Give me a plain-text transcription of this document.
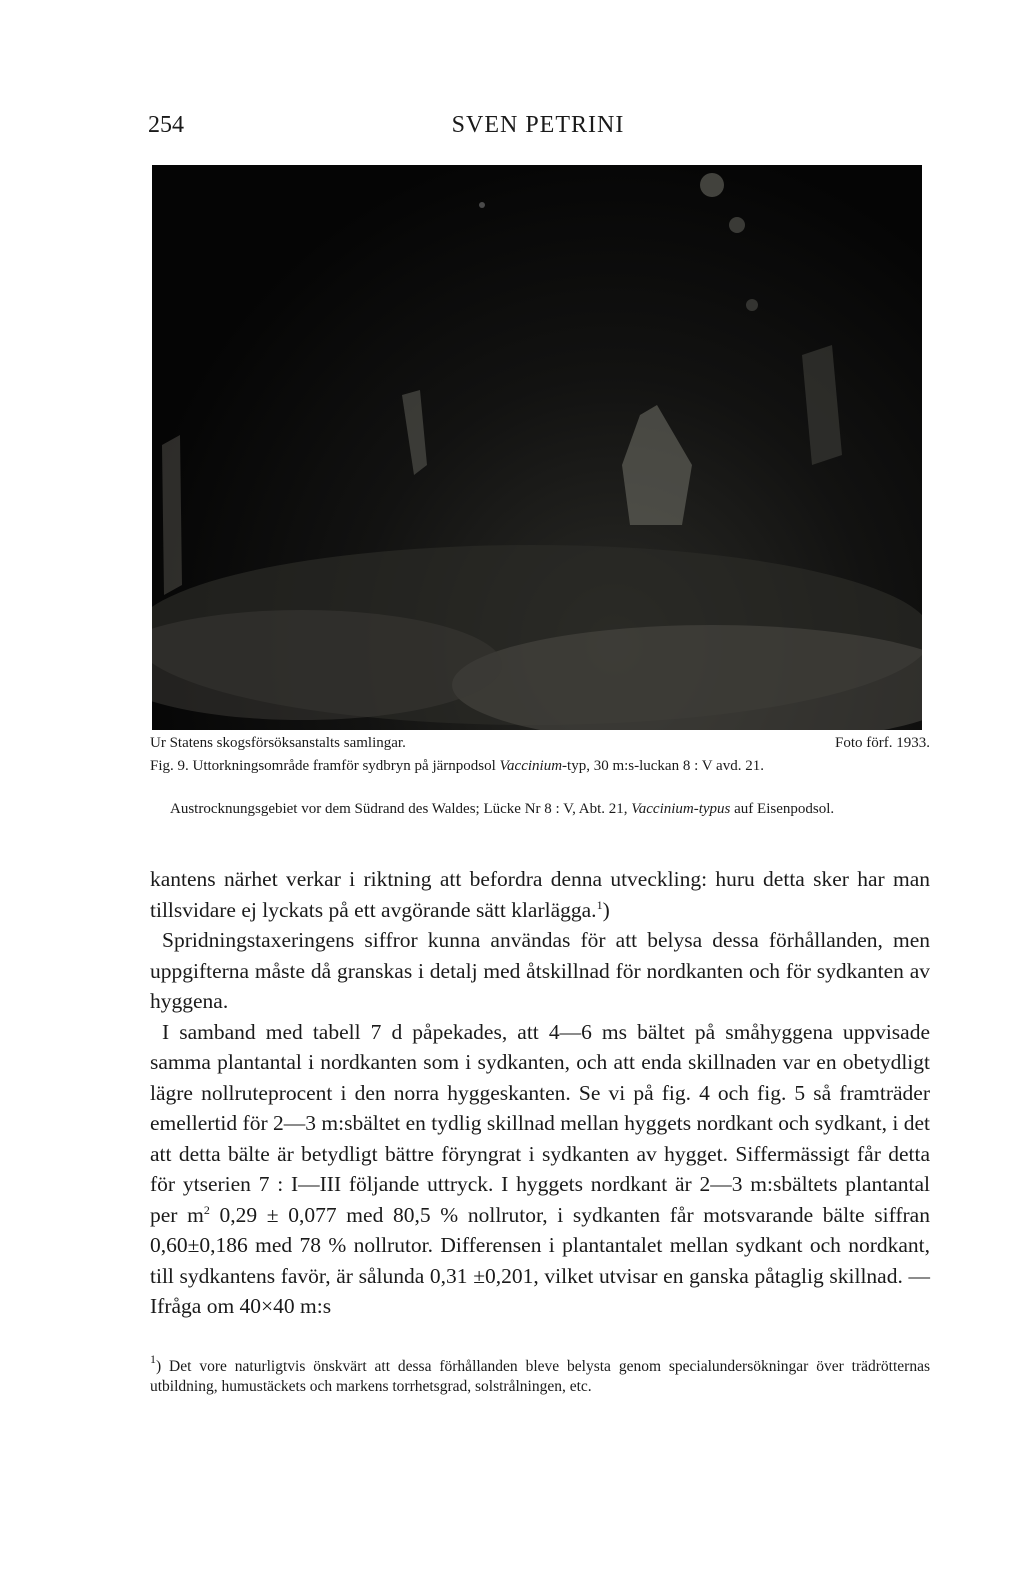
254	SVEN PETRINI
Ur Statens skogsförsöksanstalts samlingar.	Foto förf. 1933.
Fig. 9. Uttorkningsområde framför sydbryn på järnpodsol Vaccinium-typ, 30 m:s-luckan 8 : V avd. 21.
Austrocknungsgebiet vor dem Südrand des Waldes; Lücke Nr 8 : V, Abt. 21, Vaccinium-typus auf Eisenpodsol.

kantens närhet verkar i riktning att befordra denna utveckling: huru detta sker har man tillsvidare ej lyckats på ett avgörande sätt klarlägga.$^1$)

Spridningstaxeringens siffror kunna användas för att belysa dessa förhållanden, men uppgifterna måste då granskas i detalj med åtskillnad för nordkanten och för sydkanten av hyggena.

I samband med tabell 7 d påpekades, att 4—6 ms bältet på småhyggena uppvisade samma plantantal i nordkanten som i sydkanten, och att enda skillnaden var en obetydligt lägre nollruteprocent i den norra hyggeskanten. Se vi på fig. 4 och fig. 5 så framträder emellertid för 2—3 m:sbältet en tydlig skillnad mellan hyggets nordkant och sydkant, i det att detta bälte är betydligt bättre föryngrat i sydkanten av hygget. Siffermässigt får detta för ytserien 7 : I—III följande uttryck. I hyggets nordkant är 2—3 m:sbältets plantantal per $m^2$ 0,29 ± 0,077 med 80,5 % nollrutor, i sydkanten får motsvarande bälte siffran 0,60±0,186 med 78 % nollrutor. Differensen i plantantalet mellan sydkant och nordkant, till sydkantens favör, är sålunda 0,31 ±0,201, vilket utvisar en ganska påtaglig skillnad. — Ifråga om 40×40 m:s

$^1$) Det vore naturligtvis önskvärt att dessa förhållanden bleve belysta genom specialundersökningar över trädrötternas utbildning, humustäckets och markens torrhetsgrad, solstrålningen, etc.
